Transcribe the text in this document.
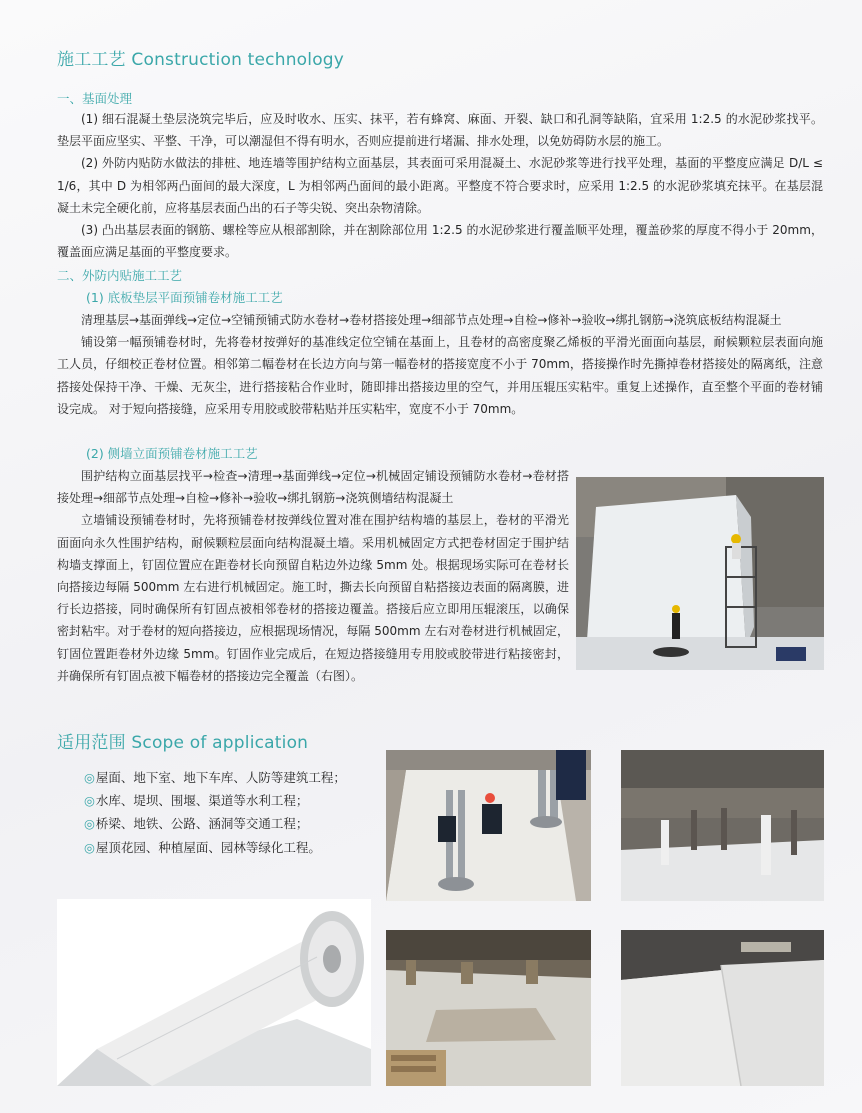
施工工艺 Construction technology
一、基面处理

(1) 细石混凝土垫层浇筑完毕后，应及时收水、压实、抹平，若有蜂窝、麻面、开裂、缺口和孔洞等缺陷，宜采用 1:2.5 的水泥砂浆找平。垫层平面应坚实、平整、干净，可以潮湿但不得有明水，否则应提前进行堵漏、排水处理，以免妨碍防水层的施工。

(2) 外防内贴防水做法的排桩、地连墙等围护结构立面基层，其表面可采用混凝土、水泥砂浆等进行找平处理，基面的平整度应满足 D/L ≤ 1/6，其中 D 为相邻两凸面间的最大深度，L 为相邻两凸面间的最小距离。平整度不符合要求时，应采用 1:2.5 的水泥砂浆填充抹平。在基层混凝土未完全硬化前，应将基层表面凸出的石子等尖锐、突出杂物清除。

(3) 凸出基层表面的钢筋、螺栓等应从根部割除，并在割除部位用 1:2.5 的水泥砂浆进行覆盖顺平处理，覆盖砂浆的厚度不得小于 20mm，覆盖面应满足基面的平整度要求。

二、外防内贴施工工艺
(1) 底板垫层平面预铺卷材施工工艺

清理基层→基面弹线→定位→空铺预铺式防水卷材→卷材搭接处理→细部节点处理→自检→修补→验收→绑扎钢筋→浇筑底板结构混凝土

铺设第一幅预铺卷材时，先将卷材按弹好的基准线定位空铺在基面上，且卷材的高密度聚乙烯板的平滑光面面向基层，耐候颗粒层表面向施工人员，仔细校正卷材位置。相邻第二幅卷材在长边方向与第一幅卷材的搭接宽度不小于 70mm，搭接操作时先撕掉卷材搭接处的隔离纸，注意搭接处保持干净、干燥、无灰尘，进行搭接粘合作业时，随即排出搭接边里的空气，并用压辊压实粘牢。重复上述操作，直至整个平面的卷材铺设完成。 对于短向搭接缝，应采用专用胶或胶带粘贴并压实粘牢，宽度不小于 70mm。

(2) 侧墙立面预铺卷材施工工艺

围护结构立面基层找平→检查→清理→基面弹线→定位→机械固定铺设预铺防水卷材→卷材搭接处理→细部节点处理→自检→修补→验收→绑扎钢筋→浇筑侧墙结构混凝土

立墙铺设预铺卷材时，先将预铺卷材按弹线位置对准在围护结构墙的基层上，卷材的平滑光面面向永久性围护结构，耐候颗粒层面向结构混凝土墙。采用机械固定方式把卷材固定于围护结构墙支撑面上，钉固位置应在距卷材长向预留自粘边外边缘 5mm 处。根据现场实际可在卷材长向搭接边每隔 500mm 左右进行机械固定。施工时，撕去长向预留自粘搭接边表面的隔离膜，进行长边搭接，同时确保所有钉固点被相邻卷材的搭接边覆盖。搭接后应立即用压辊滚压，以确保密封粘牢。对于卷材的短向搭接边，应根据现场情况，每隔 500mm 左右对卷材进行机械固定，钉固位置距卷材外边缘 5mm。钉固作业完成后，在短边搭接缝用专用胶或胶带进行粘接密封，并确保所有钉固点被下幅卷材的搭接边完全覆盖（右图）。

适用范围 Scope of application
◎屋面、地下室、地下车库、人防等建筑工程；
◎水库、堤坝、围堰、渠道等水利工程；
◎桥梁、地铁、公路、涵洞等交通工程；
◎屋顶花园、种植屋面、园林等绿化工程。
